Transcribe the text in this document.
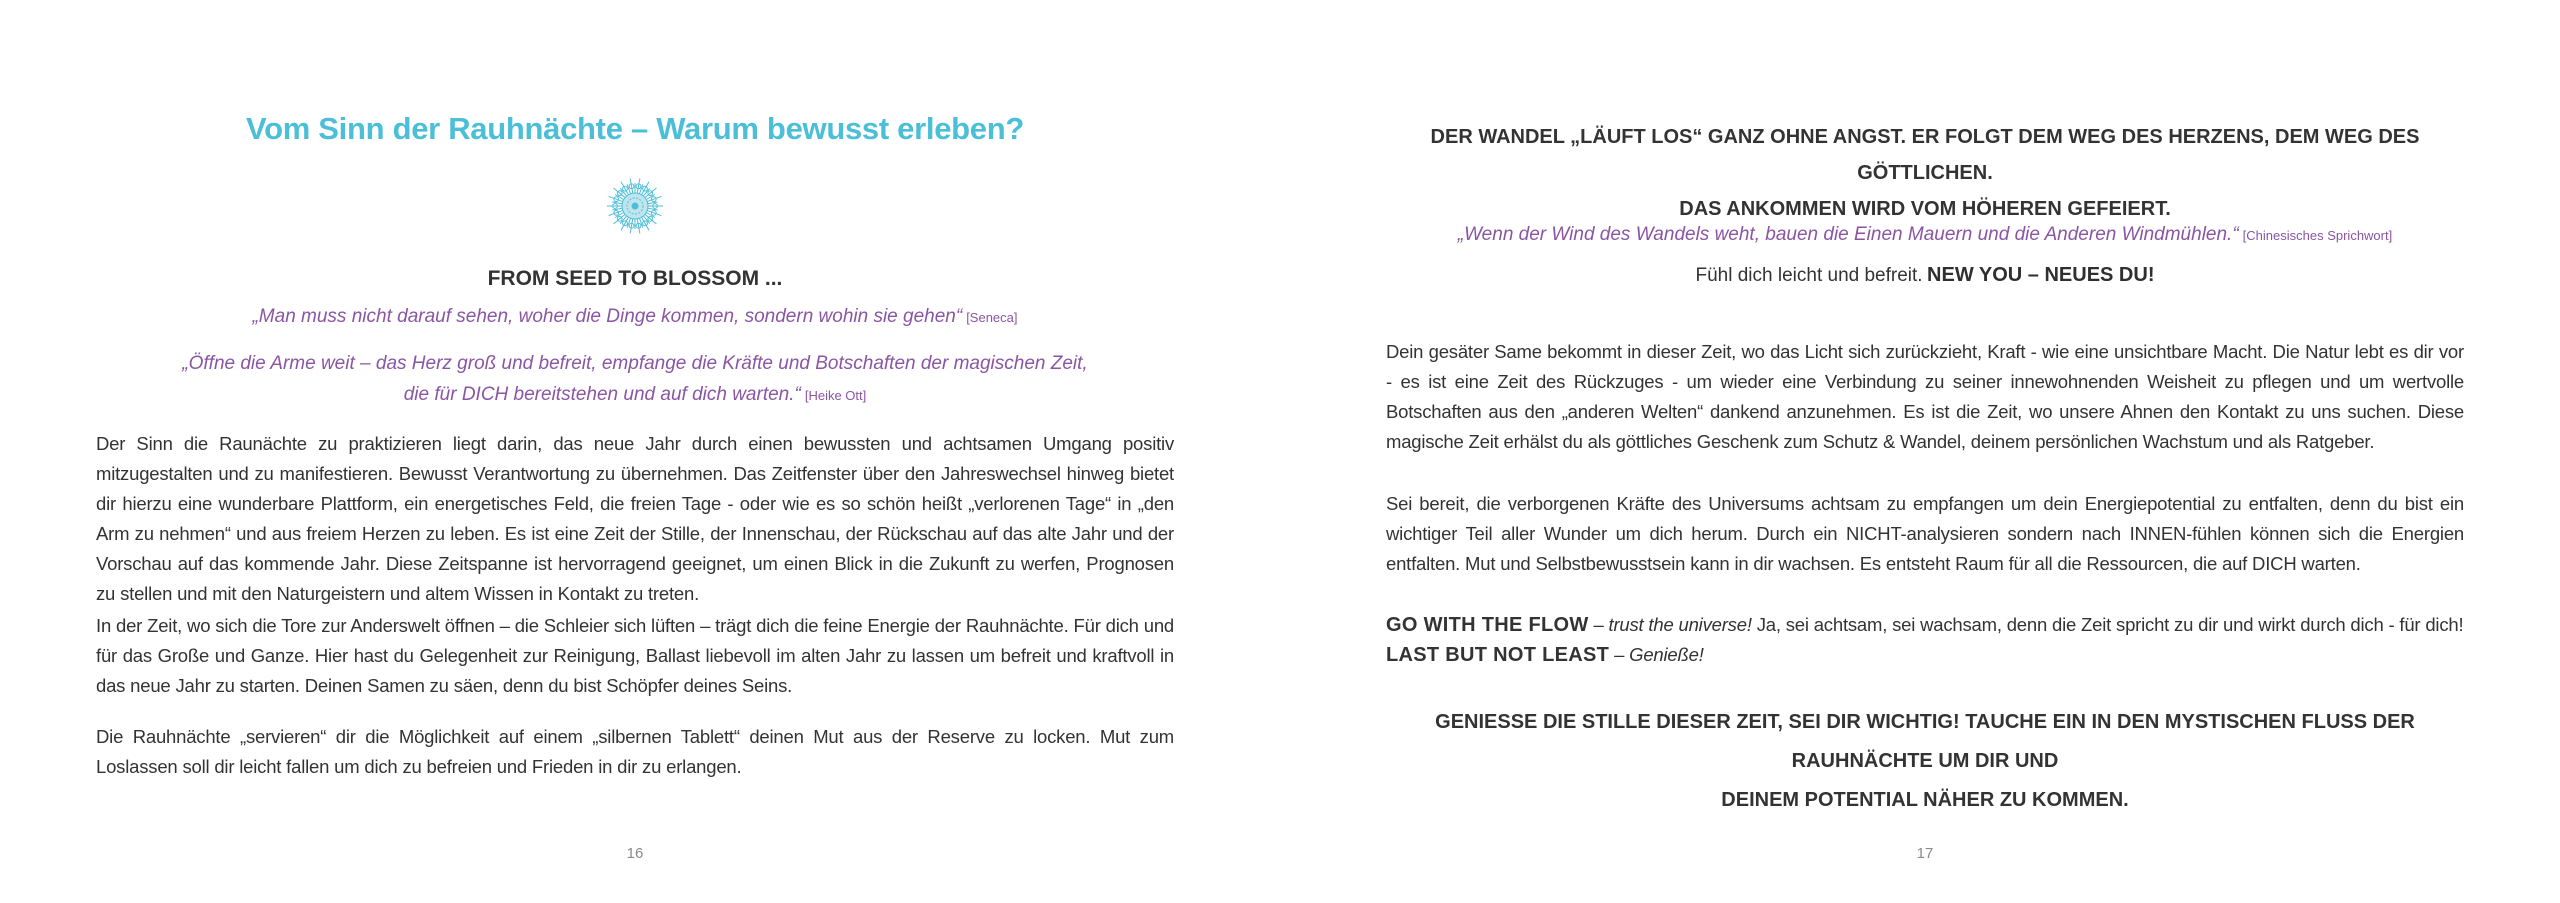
Vom Sinn der Rauhnächte – Warum bewusst erleben?
FROM SEED TO BLOSSOM ...
„Man muss nicht darauf sehen, woher die Dinge kommen, sondern wohin sie gehen“ [Seneca]
„Öffne die Arme weit – das Herz groß und befreit, empfange die Kräfte und Botschaften der magischen Zeit,
die für DICH bereitstehen und auf dich warten.“ [Heike Ott]
Der Sinn die Raunächte zu praktizieren liegt darin, das neue Jahr durch einen bewussten und achtsamen Umgang positiv mitzugestalten und zu manifestieren. Bewusst Verantwortung zu übernehmen. Das Zeitfenster über den Jahreswechsel hinweg bietet dir hierzu eine wunderbare Plattform, ein energetisches Feld, die freien Tage - oder wie es so schön heißt „verlorenen Tage“ in „den Arm zu nehmen“ und aus freiem Herzen zu leben. Es ist eine Zeit der Stille, der Innenschau, der Rückschau auf das alte Jahr und der Vorschau auf das kommende Jahr. Diese Zeitspanne ist hervorragend geeignet, um einen Blick in die Zukunft zu werfen, Prognosen zu stellen und mit den Naturgeistern und altem Wissen in Kontakt zu treten.
In der Zeit, wo sich die Tore zur Anderswelt öffnen – die Schleier sich lüften – trägt dich die feine Energie der Rauhnächte. Für dich und für das Große und Ganze. Hier hast du Gelegenheit zur Reinigung, Ballast liebevoll im alten Jahr zu lassen um befreit und kraftvoll in das neue Jahr zu starten. Deinen Samen zu säen, denn du bist Schöpfer deines Seins.
Die Rauhnächte „servieren“ dir die Möglichkeit auf einem „silbernen Tablett“ deinen Mut aus der Reserve zu locken. Mut zum Loslassen soll dir leicht fallen um dich zu befreien und Frieden in dir zu erlangen.
16
DER WANDEL „LÄUFT LOS“ GANZ OHNE ANGST. ER FOLGT DEM WEG DES HERZENS, DEM WEG DES GÖTTLICHEN.
DAS ANKOMMEN WIRD VOM HÖHEREN GEFEIERT.
„Wenn der Wind des Wandels weht, bauen die Einen Mauern und die Anderen Windmühlen.“ [Chinesisches Sprichwort]
Fühl dich leicht und befreit. NEW YOU – NEUES DU!
Dein gesäter Same bekommt in dieser Zeit, wo das Licht sich zurückzieht, Kraft - wie eine unsichtbare Macht. Die Natur lebt es dir vor - es ist eine Zeit des Rückzuges - um wieder eine Verbindung zu seiner innewohnenden Weisheit zu pflegen und um wertvolle Botschaften aus den „anderen Welten“ dankend anzunehmen. Es ist die Zeit, wo unsere Ahnen den Kontakt zu uns suchen. Diese magische Zeit erhälst du als göttliches Geschenk zum Schutz & Wandel, deinem persönlichen Wachstum und als Ratgeber.
Sei bereit, die verborgenen Kräfte des Universums achtsam zu empfangen um dein Energiepotential zu entfalten, denn du bist ein wichtiger Teil aller Wunder um dich herum. Durch ein NICHT-analysieren sondern nach INNEN-fühlen können sich die Energien entfalten. Mut und Selbstbewusstsein kann in dir wachsen. Es entsteht Raum für all die Ressourcen, die auf DICH warten.
GO WITH THE FLOW – trust the universe! Ja, sei achtsam, sei wachsam, denn die Zeit spricht zu dir und wirkt durch dich - für dich!
LAST BUT NOT LEAST – Genieße!
GENIESSE DIE STILLE DIESER ZEIT, SEI DIR WICHTIG! TAUCHE EIN IN DEN MYSTISCHEN FLUSS DER RAUHNÄCHTE UM DIR UND
DEINEM POTENTIAL NÄHER ZU KOMMEN.
17
